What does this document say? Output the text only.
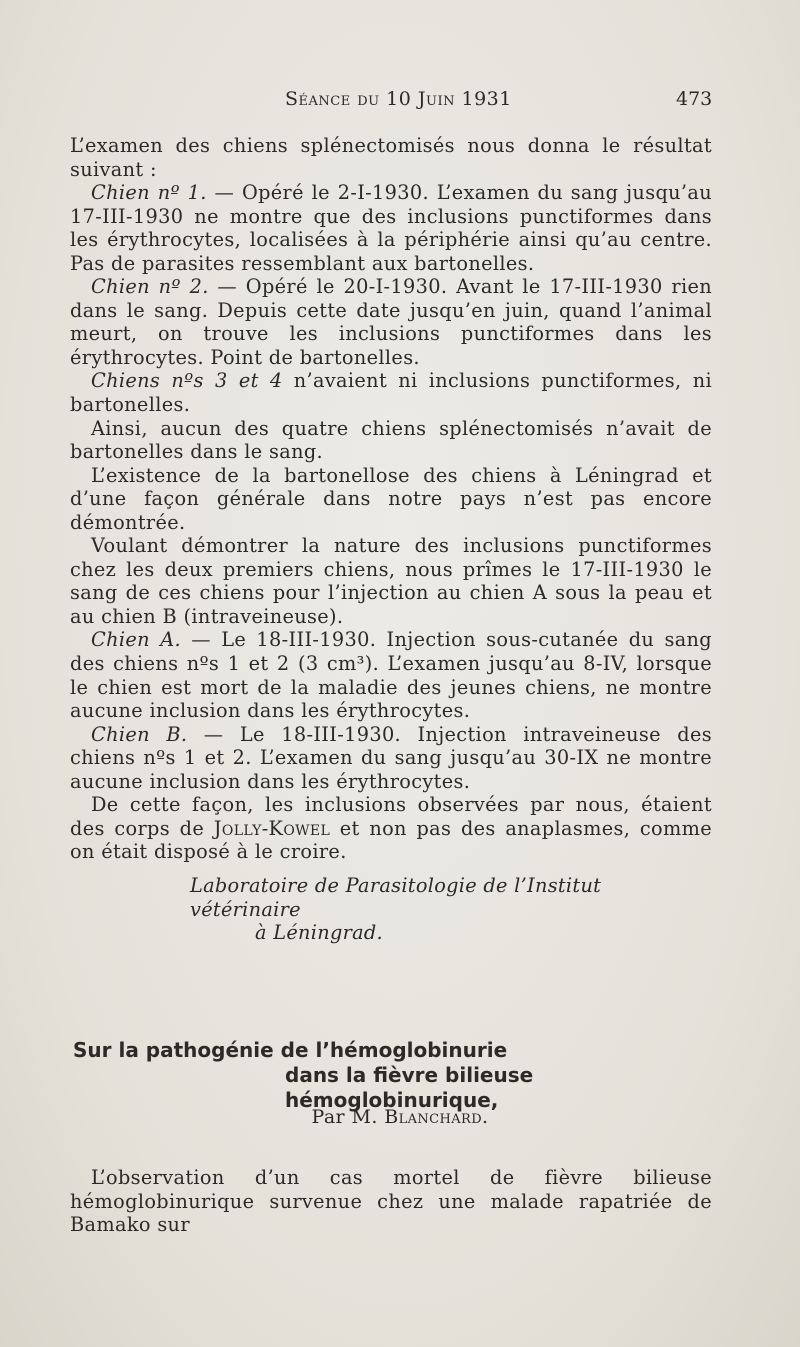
Séance du 10 Juin 1931	473

L’examen des chiens splénectomisés nous donna le résultat suivant :

Chien nº 1. — Opéré le 2-I-1930. L’examen du sang jusqu’au 17-III-1930 ne montre que des inclusions punctiformes dans les érythrocytes, localisées à la périphérie ainsi qu’au centre. Pas de parasites ressemblant aux bartonelles.

Chien nº 2. — Opéré le 20-I-1930. Avant le 17-III-1930 rien dans le sang. Depuis cette date jusqu’en juin, quand l’animal meurt, on trouve les inclusions punctiformes dans les érythrocytes. Point de bartonelles.

Chiens nºs 3 et 4 n’avaient ni inclusions punctiformes, ni bartonelles.

Ainsi, aucun des quatre chiens splénectomisés n’avait de bartonelles dans le sang.

L’existence de la bartonellose des chiens à Léningrad et d’une façon générale dans notre pays n’est pas encore démontrée.

Voulant démontrer la nature des inclusions punctiformes chez les deux premiers chiens, nous prîmes le 17-III-1930 le sang de ces chiens pour l’injection au chien A sous la peau et au chien B (intraveineuse).

Chien A. — Le 18-III-1930. Injection sous-cutanée du sang des chiens nºs 1 et 2 (3 cm³). L’examen jusqu’au 8-IV, lorsque le chien est mort de la maladie des jeunes chiens, ne montre aucune inclusion dans les érythrocytes.

Chien B. — Le 18-III-1930. Injection intraveineuse des chiens nºs 1 et 2. L’examen du sang jusqu’au 30-IX ne montre aucune inclusion dans les érythrocytes.

De cette façon, les inclusions observées par nous, étaient des corps de Jolly-Kowel et non pas des anaplasmes, comme on était disposé à le croire.

Laboratoire de Parasitologie de l’Institut vétérinaire
à Léningrad.
Sur la pathogénie de l’hémoglobinurie
dans la fièvre bilieuse hémoglobinurique,
Par M. Blanchard.

L’observation d’un cas mortel de fièvre bilieuse hémoglobinurique survenue chez une malade rapatriée de Bamako sur
